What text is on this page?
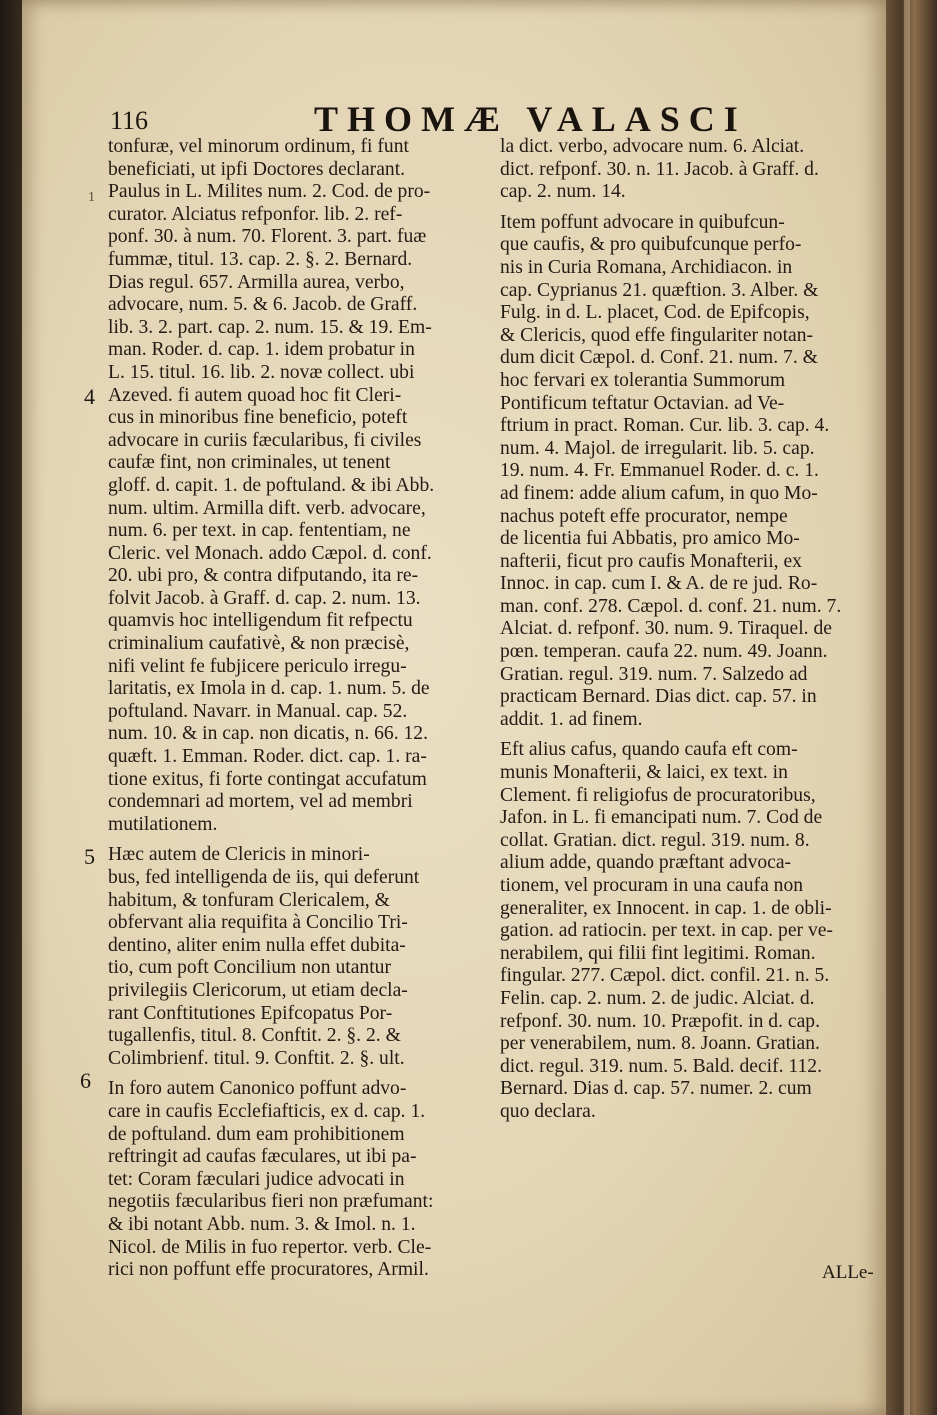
116	THOMÆ VALASCI
tonfuræ, vel minorum ordinum, fi funt
beneficiati, ut ipfi Doctores declarant.
Paulus in L. Milites num. 2. Cod. de pro-
curator. Alciatus refponfor. lib. 2. ref-
ponf. 30. à num. 70. Florent. 3. part. fuæ
fummæ, titul. 13. cap. 2. §. 2. Bernard.
Dias regul. 657. Armilla aurea, verbo,
advocare, num. 5. & 6. Jacob. de Graff.
lib. 3. 2. part. cap. 2. num. 15. & 19. Em-
man. Roder. d. cap. 1. idem probatur in
L. 15. titul. 16. lib. 2. novæ collect. ubi
Azeved. fi autem quoad hoc fit Cleri-
cus in minoribus fine beneficio, poteft
advocare in curiis fæcularibus, fi civiles
caufæ fint, non criminales, ut tenent
gloff. d. capit. 1. de poftuland. & ibi Abb.
num. ultim. Armilla dift. verb. advocare,
num. 6. per text. in cap. fententiam, ne
Cleric. vel Monach. addo Cæpol. d. conf.
20. ubi pro, & contra difputando, ita re-
folvit Jacob. à Graff. d. cap. 2. num. 13.
quamvis hoc intelligendum fit refpectu
criminalium caufativè, & non præcisè,
nifi velint fe fubjicere periculo irregu-
laritatis, ex Imola in d. cap. 1. num. 5. de
poftuland. Navarr. in Manual. cap. 52.
num. 10. & in cap. non dicatis, n. 66. 12.
quæft. 1. Emman. Roder. dict. cap. 1. ra-
tione exitus, fi forte contingat accufatum
condemnari ad mortem, vel ad membri
mutilationem.
Hæc autem de Clericis in minori-
bus, fed intelligenda de iis, qui deferunt
habitum, & tonfuram Clericalem, &
obfervant alia requifita à Concilio Tri-
dentino, aliter enim nulla effet dubita-
tio, cum poft Concilium non utantur
privilegiis Clericorum, ut etiam decla-
rant Conftitutiones Epifcopatus Por-
tugallenfis, titul. 8. Conftit. 2. §. 2. &
Colimbrienf. titul. 9. Conftit. 2. §. ult.
In foro autem Canonico poffunt advo-
care in caufis Ecclefiafticis, ex d. cap. 1.
de poftuland. dum eam prohibitionem
reftringit ad caufas fæculares, ut ibi pa-
tet: Coram fæculari judice advocati in
negotiis fæcularibus fieri non præfumant:
& ibi notant Abb. num. 3. & Imol. n. 1.
Nicol. de Milis in fuo repertor. verb. Cle-
rici non poffunt effe procuratores, Armil.
la dict. verbo, advocare num. 6. Alciat.
dict. refponf. 30. n. 11. Jacob. à Graff. d.
cap. 2. num. 14.
Item poffunt advocare in quibufcun-
que caufis, & pro quibufcunque perfo-
nis in Curia Romana, Archidiacon. in
cap. Cyprianus 21. quæftion. 3. Alber. &
Fulg. in d. L. placet, Cod. de Epifcopis,
& Clericis, quod effe fingulariter notan-
dum dicit Cæpol. d. Conf. 21. num. 7. &
hoc fervari ex tolerantia Summorum
Pontificum teftatur Octavian. ad Ve-
ftrium in pract. Roman. Cur. lib. 3. cap. 4.
num. 4. Majol. de irregularit. lib. 5. cap.
19. num. 4. Fr. Emmanuel Roder. d. c. 1.
ad finem: adde alium cafum, in quo Mo-
nachus poteft effe procurator, nempe
de licentia fui Abbatis, pro amico Mo-
nafterii, ficut pro caufis Monafterii, ex
Innoc. in cap. cum I. & A. de re jud. Ro-
man. conf. 278. Cæpol. d. conf. 21. num. 7.
Alciat. d. refponf. 30. num. 9. Tiraquel. de
pœn. temperan. caufa 22. num. 49. Joann.
Gratian. regul. 319. num. 7. Salzedo ad
practicam Bernard. Dias dict. cap. 57. in
addit. 1. ad finem.
Eft alius cafus, quando caufa eft com-
munis Monafterii, & laici, ex text. in
Clement. fi religiofus de procuratoribus,
Jafon. in L. fi emancipati num. 7. Cod de
collat. Gratian. dict. regul. 319. num. 8.
alium adde, quando præftant advoca-
tionem, vel procuram in una caufa non
generaliter, ex Innocent. in cap. 1. de obli-
gation. ad ratiocin. per text. in cap. per ve-
nerabilem, qui filii fint legitimi. Roman.
fingular. 277. Cæpol. dict. confil. 21. n. 5.
Felin. cap. 2. num. 2. de judic. Alciat. d.
refponf. 30. num. 10. Præpofit. in d. cap.
per venerabilem, num. 8. Joann. Gratian.
dict. regul. 319. num. 5. Bald. decif. 112.
Bernard. Dias d. cap. 57. numer. 2. cum
quo declara.
1
4
5
6
ALLe-
